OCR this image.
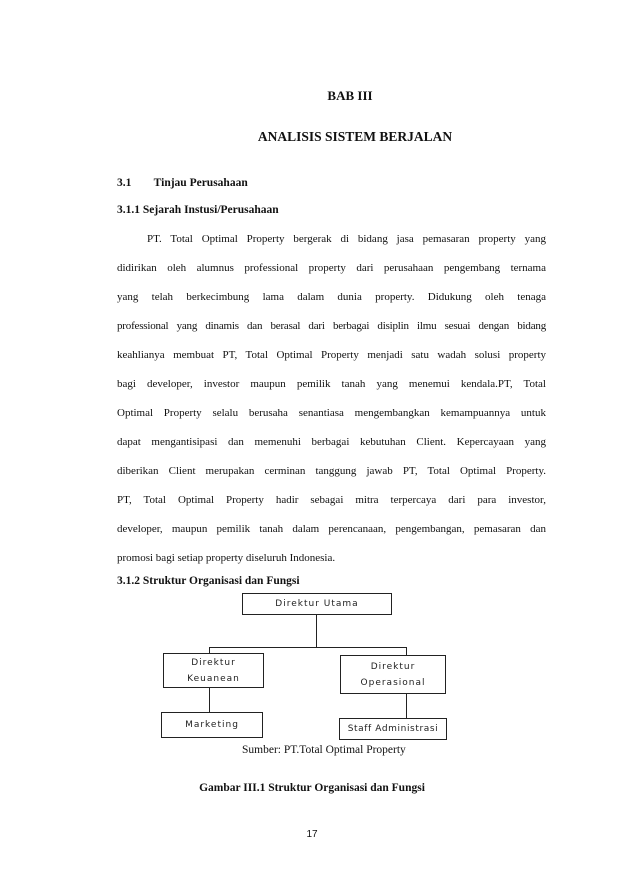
BAB III
ANALISIS SISTEM BERJALAN
3.1 Tinjau Perusahaan
3.1.1 Sejarah Instusi/Perusahaan
PT. Total Optimal Property bergerak di bidang jasa pemasaran property yang
didirikan oleh alumnus professional property dari perusahaan pengembang ternama
yang telah berkecimbung lama dalam dunia property. Didukung oleh tenaga
professional yang dinamis dan berasal dari berbagai disiplin ilmu sesuai dengan bidang
keahlianya membuat PT, Total Optimal Property menjadi satu wadah solusi property
bagi developer, investor maupun pemilik tanah yang menemui kendala.PT, Total
Optimal Property selalu berusaha senantiasa mengembangkan kemampuannya untuk
dapat mengantisipasi dan memenuhi berbagai kebutuhan Client. Kepercayaan yang
diberikan Client merupakan cerminan tanggung jawab PT, Total Optimal Property.
PT, Total Optimal Property hadir sebagai mitra terpercaya dari para investor,
developer, maupun pemilik tanah dalam perencanaan, pengembangan, pemasaran dan
promosi bagi setiap property diseluruh Indonesia.
3.1.2 Struktur Organisasi dan Fungsi
Direktur Utama
Direktur
Keuanean
Direktur
Operasional
Marketing	Staff Administrasi
Sumber: PT.Total Optimal Property
Gambar III.1 Struktur Organisasi dan Fungsi
17
